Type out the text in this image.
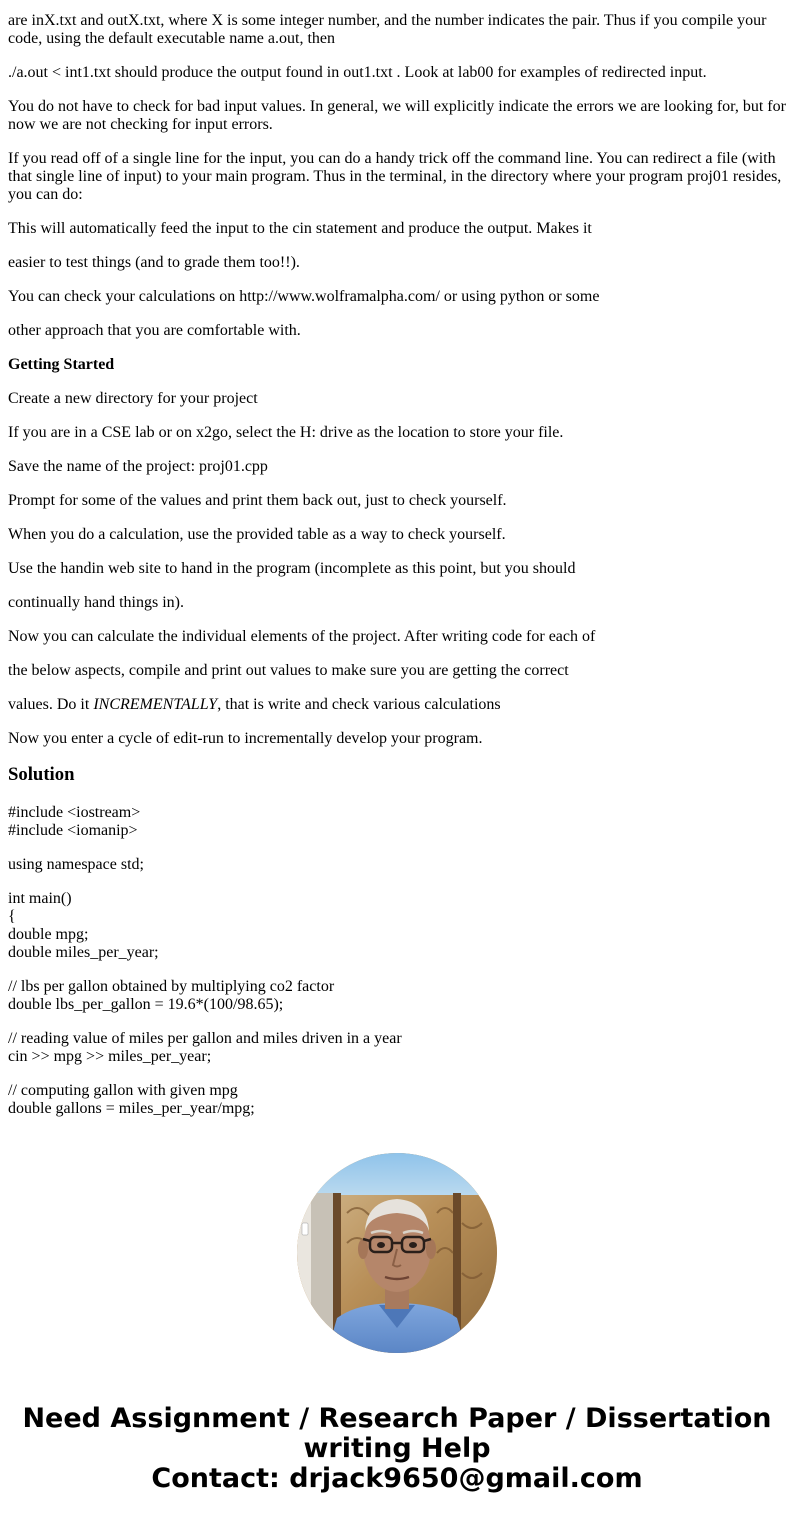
are inX.txt and outX.txt, where X is some integer number, and the number indicates the pair. Thus if you compile your code, using the default executable name a.out, then

./a.out < int1.txt should produce the output found in out1.txt . Look at lab00 for examples of redirected input.

You do not have to check for bad input values. In general, we will explicitly indicate the errors we are looking for, but for now we are not checking for input errors.

If you read off of a single line for the input, you can do a handy trick off the command line. You can redirect a file (with that single line of input) to your main program. Thus in the terminal, in the directory where your program proj01 resides, you can do:

This will automatically feed the input to the cin statement and produce the output. Makes it

easier to test things (and to grade them too!!).

You can check your calculations on http://www.wolframalpha.com/ or using python or some

other approach that you are comfortable with.

Getting Started

Create a new directory for your project

If you are in a CSE lab or on x2go, select the H: drive as the location to store your file.

Save the name of the project: proj01.cpp

Prompt for some of the values and print them back out, just to check yourself.

When you do a calculation, use the provided table as a way to check yourself.

Use the handin web site to hand in the program (incomplete as this point, but you should

continually hand things in).

Now you can calculate the individual elements of the project. After writing code for each of

the below aspects, compile and print out values to make sure you are getting the correct

values. Do it INCREMENTALLY, that is write and check various calculations

Now you enter a cycle of edit-run to incrementally develop your program.

Solution
#include <iostream>
#include <iomanip>
using namespace std;
int main()
{
double mpg;
double miles_per_year;
// lbs per gallon obtained by multiplying co2 factor
double lbs_per_gallon = 19.6*(100/98.65);
// reading value of miles per gallon and miles driven in a year
cin >> mpg >> miles_per_year;
// computing gallon with given mpg
double gallons = miles_per_year/mpg;
Need Assignment / Research Paper / Dissertation
writing Help
Contact: drjack9650@gmail.com
